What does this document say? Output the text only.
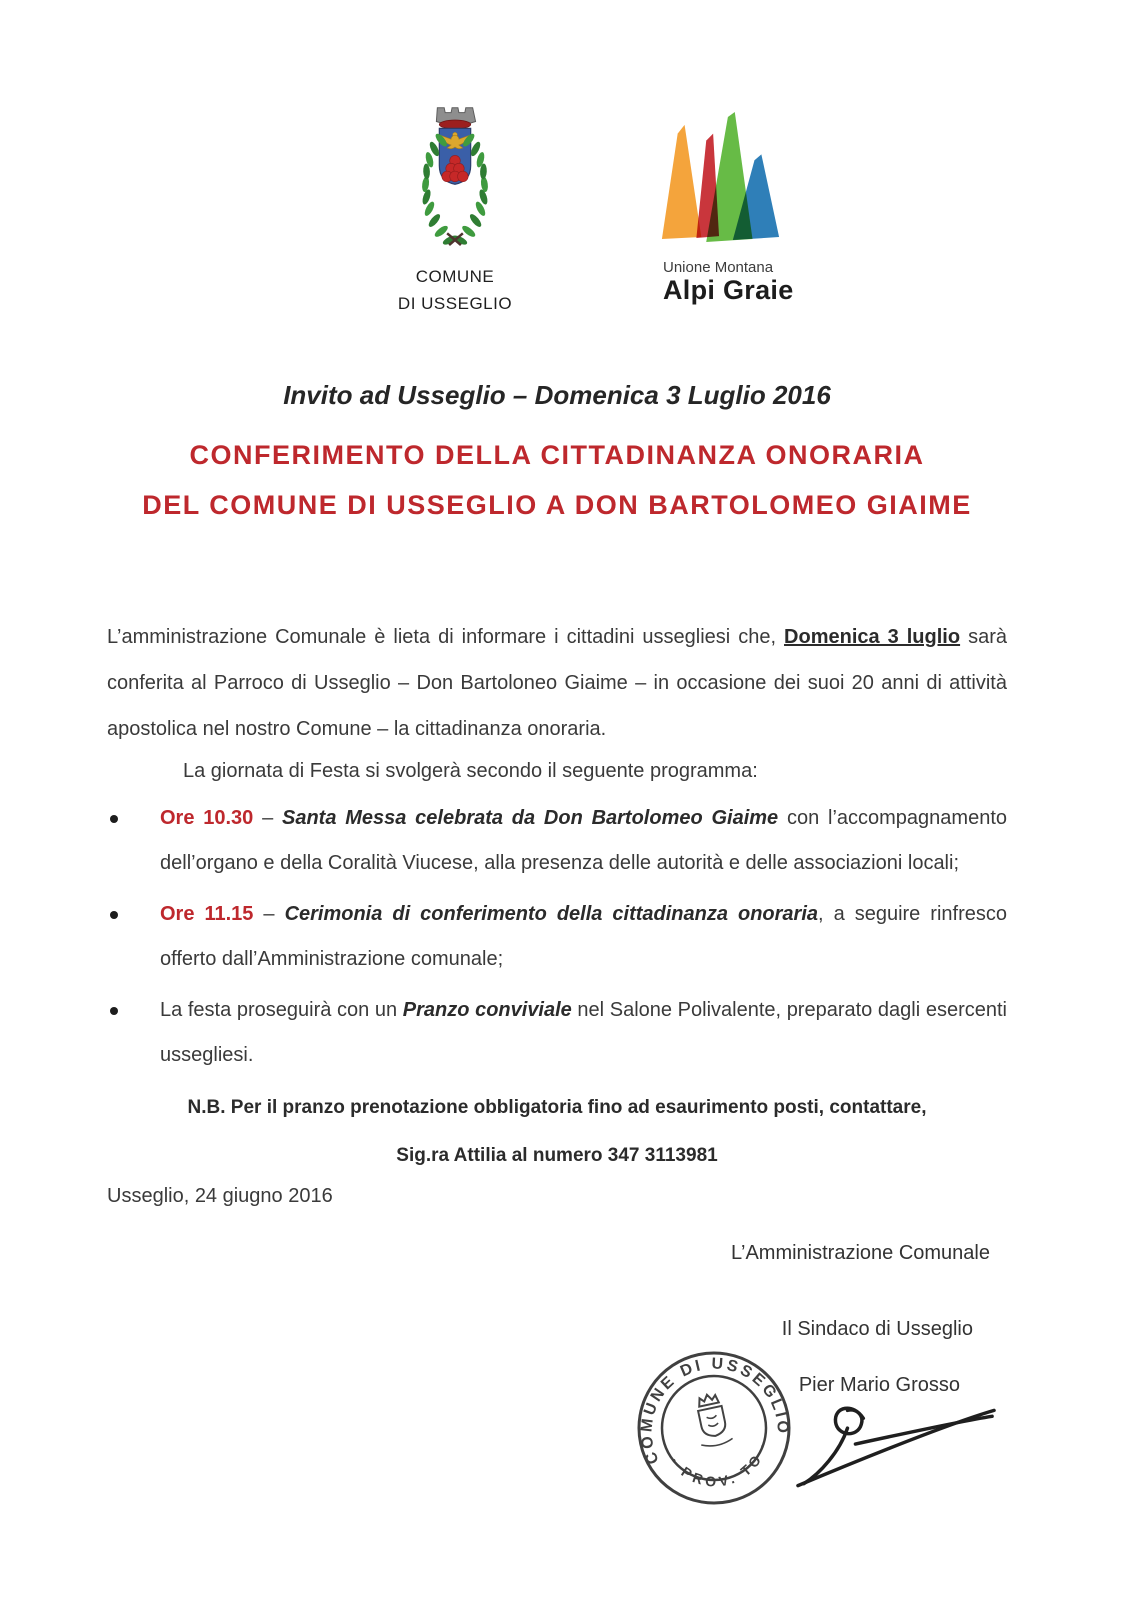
COMUNE
DI USSEGLIO
Unione Montana
Alpi Graie
Invito ad Usseglio – Domenica 3 Luglio 2016
CONFERIMENTO DELLA CITTADINANZA ONORARIA
DEL COMUNE DI USSEGLIO A DON BARTOLOMEO GIAIME

L’amministrazione Comunale è lieta di informare i cittadini ussegliesi che, Domenica 3 luglio sarà conferita al Parroco di Usseglio – Don Bartoloneo Giaime – in occasione dei suoi 20 anni di attività apostolica nel nostro Comune – la cittadinanza onoraria.

La giornata di Festa si svolgerà secondo il seguente programma:

Ore 10.30 – Santa Messa celebrata da Don Bartolomeo Giaime con l’accompagnamento dell’organo e della Coralità Viucese, alla presenza delle autorità e delle associazioni locali;
Ore 11.15 – Cerimonia di conferimento della cittadinanza onoraria, a seguire rinfresco offerto dall’Amministrazione comunale;
La festa proseguirà con un Pranzo conviviale nel Salone Polivalente, preparato dagli esercenti ussegliesi.
N.B. Per il pranzo prenotazione obbligatoria fino ad esaurimento posti, contattare,
Sig.ra Attilia al numero 347 3113981
Usseglio, 24 giugno 2016
L’Amministrazione Comunale
Il Sindaco di Usseglio
Pier Mario Grosso
COMUNE DI USSEGLIO
· PROV. TO ·
